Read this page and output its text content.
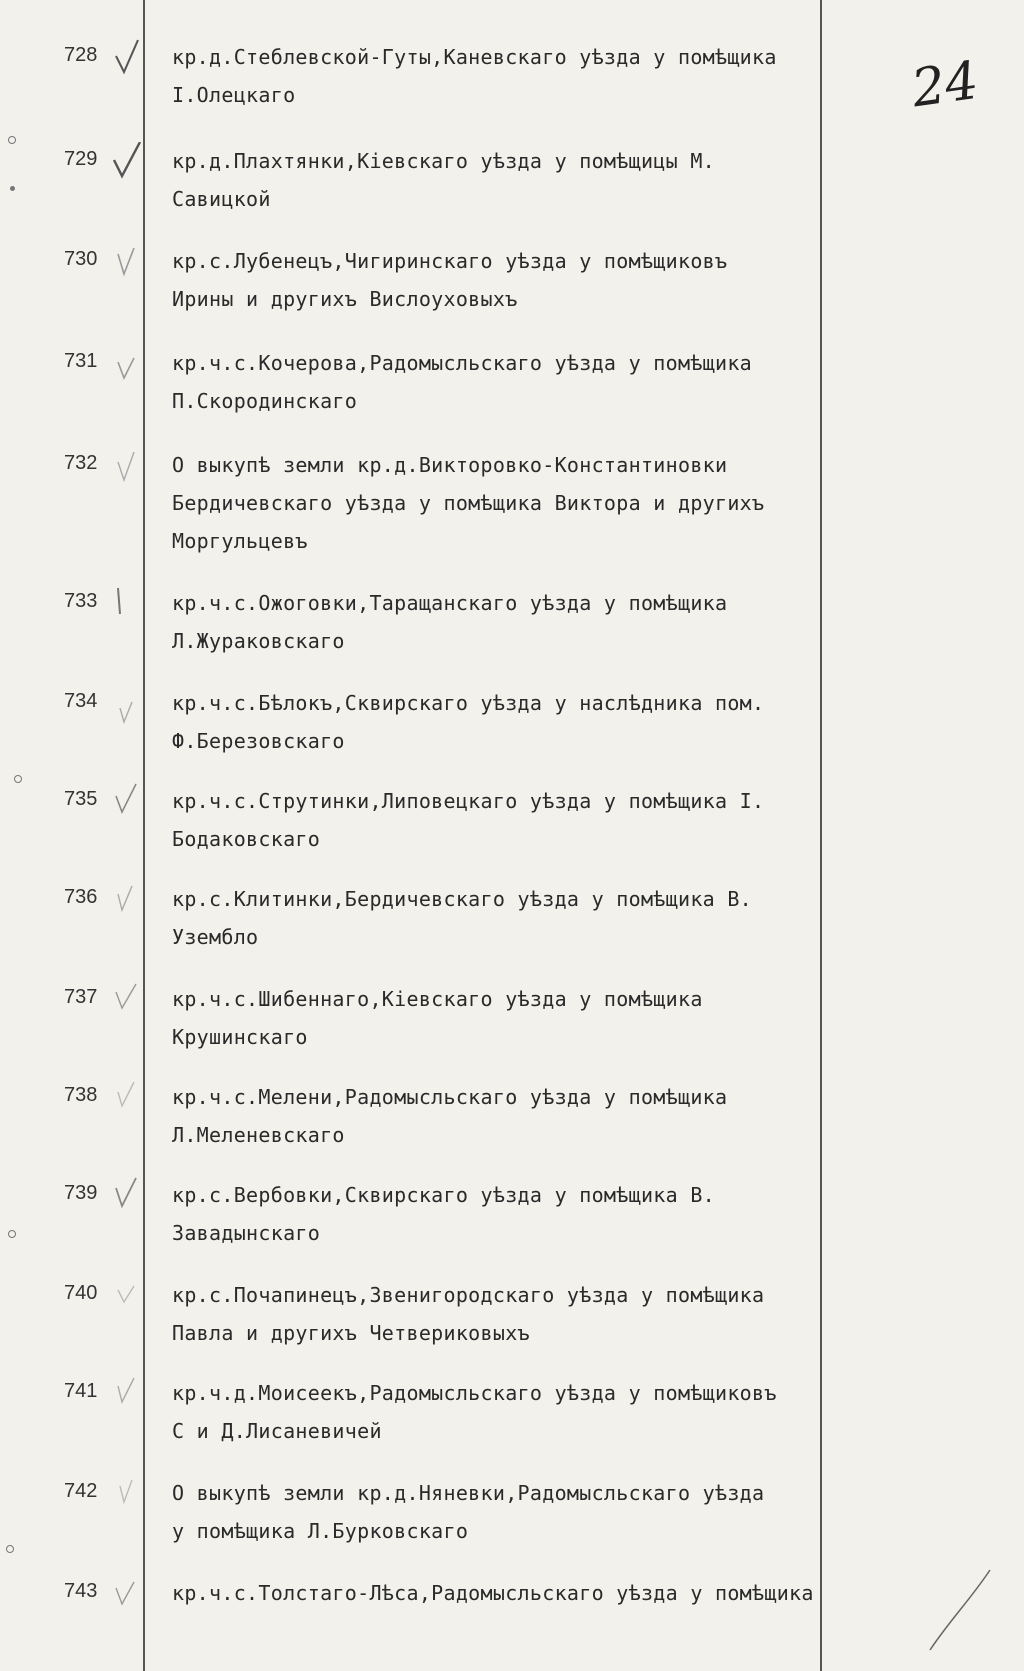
24
728	кр.д.Стеблевской-Гуты,Каневскаго уѣзда у помѣщика
I.Олецкаго
729	кр.д.Плахтянки,Кіевскаго уѣзда у помѣщицы М.
Савицкой
730	кр.с.Лубенецъ,Чигиринскаго уѣзда у помѣщиковъ
Ирины и другихъ Вислоуховыхъ
731	кр.ч.с.Кочерова,Радомысльскаго уѣзда у помѣщика
П.Скородинскаго
732	О выкупѣ земли кр.д.Викторовко-Константиновки
Бердичевскаго уѣзда у помѣщика Виктора и другихъ
Моргульцевъ
733	кр.ч.с.Ожоговки,Таращанскаго уѣзда у помѣщика
Л.Жураковскаго
734	кр.ч.с.Бѣлокъ,Сквирскаго уѣзда у наслѣдника пом.
Ф.Березовскаго
735	кр.ч.с.Струтинки,Липовецкаго уѣзда у помѣщика I.
Бодаковскаго
736	кр.с.Клитинки,Бердичевскаго уѣзда у помѣщика В.
Узембло
737	кр.ч.с.Шибеннаго,Кіевскаго уѣзда у помѣщика
Крушинскаго
738	кр.ч.с.Мелени,Радомысльскаго уѣзда у помѣщика
Л.Меленевскаго
739	кр.с.Вербовки,Сквирскаго уѣзда у помѣщика В.
Завадынскаго
740	кр.с.Почапинецъ,Звенигородскаго уѣзда у помѣщика
Павла и другихъ Четвериковыхъ
741	кр.ч.д.Моисеекъ,Радомысльскаго уѣзда у помѣщиковъ
С и Д.Лисаневичей
742	О выкупѣ земли кр.д.Няневки,Радомысльскаго уѣзда
у помѣщика Л.Бурковскаго
743	кр.ч.с.Толстаго-Лѣса,Радомысльскаго уѣзда у помѣщика
